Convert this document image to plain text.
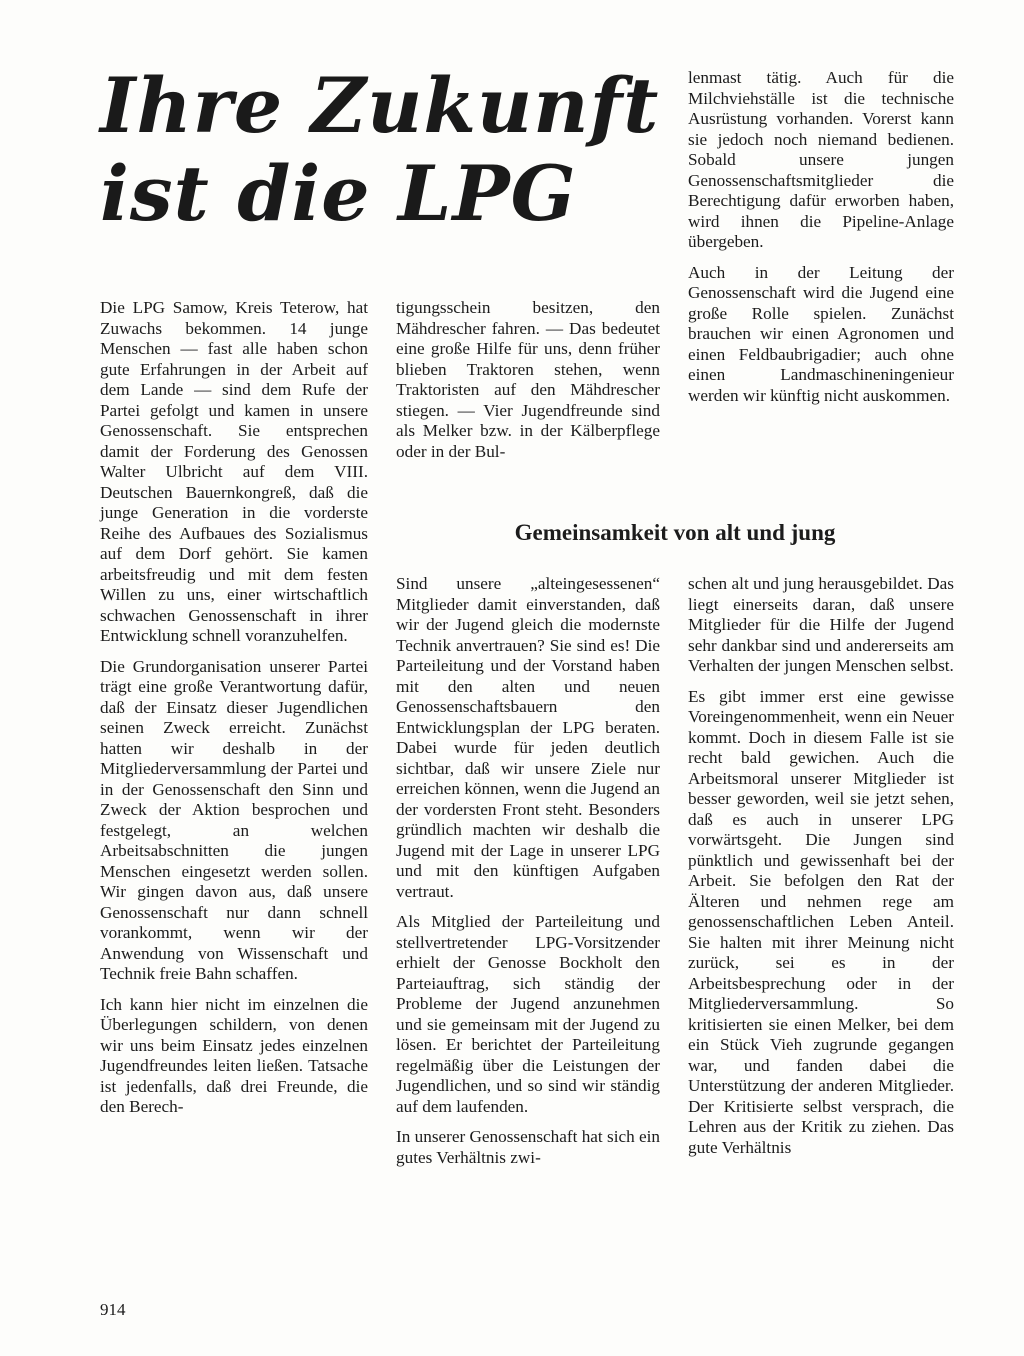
Ihre Zukunft
ist die LPG

Die LPG Samow, Kreis Teterow, hat Zuwachs bekommen. 14 junge Menschen — fast alle haben schon gute Erfahrungen in der Arbeit auf dem Lande — sind dem Rufe der Partei gefolgt und kamen in unsere Genossenschaft. Sie entsprechen damit der Forderung des Genossen Walter Ulbricht auf dem VIII. Deutschen Bauernkongreß, daß die junge Generation in die vorderste Reihe des Aufbaues des Sozialismus auf dem Dorf gehört. Sie kamen arbeitsfreudig und mit dem festen Willen zu uns, einer wirtschaftlich schwachen Genossenschaft in ihrer Entwicklung schnell voranzuhelfen.

Die Grundorganisation unserer Partei trägt eine große Verantwortung dafür, daß der Einsatz dieser Jugendlichen seinen Zweck erreicht. Zunächst hatten wir deshalb in der Mitgliederversammlung der Partei und in der Genossenschaft den Sinn und Zweck der Aktion besprochen und festgelegt, an welchen Arbeitsabschnitten die jungen Menschen eingesetzt werden sollen. Wir gingen davon aus, daß unsere Genossenschaft nur dann schnell vorankommt, wenn wir der Anwendung von Wissenschaft und Technik freie Bahn schaffen.

Ich kann hier nicht im einzelnen die Überlegungen schildern, von denen wir uns beim Einsatz jedes einzelnen Jugendfreundes leiten ließen. Tatsache ist jedenfalls, daß drei Freunde, die den Berech-

tigungsschein besitzen, den Mähdrescher fahren. — Das bedeutet eine große Hilfe für uns, denn früher blieben Traktoren stehen, wenn Traktoristen auf den Mähdrescher stiegen. — Vier Jugendfreunde sind als Melker bzw. in der Kälberpflege oder in der Bul-

lenmast tätig. Auch für die Milchviehställe ist die technische Ausrüstung vorhanden. Vorerst kann sie jedoch noch niemand bedienen. Sobald unsere jungen Genossenschaftsmitglieder die Berechtigung dafür erworben haben, wird ihnen die Pipeline-Anlage übergeben.

Auch in der Leitung der Genossenschaft wird die Jugend eine große Rolle spielen. Zunächst brauchen wir einen Agronomen und einen Feldbaubrigadier; auch ohne einen Landmaschineningenieur werden wir künftig nicht auskommen.

Gemeinsamkeit von alt und jung

Sind unsere „alteingesessenen“ Mitglieder damit einverstanden, daß wir der Jugend gleich die modernste Technik anvertrauen? Sie sind es! Die Parteileitung und der Vorstand haben mit den alten und neuen Genossenschaftsbauern den Entwicklungsplan der LPG beraten. Dabei wurde für jeden deutlich sichtbar, daß wir unsere Ziele nur erreichen können, wenn die Jugend an der vordersten Front steht. Besonders gründlich machten wir deshalb die Jugend mit der Lage in unserer LPG und mit den künftigen Aufgaben vertraut.

Als Mitglied der Parteileitung und stellvertretender LPG-Vorsitzender erhielt der Genosse Bockholt den Parteiauftrag, sich ständig der Probleme der Jugend anzunehmen und sie gemeinsam mit der Jugend zu lösen. Er berichtet der Parteileitung regelmäßig über die Leistungen der Jugendlichen, und so sind wir ständig auf dem laufenden.

In unserer Genossenschaft hat sich ein gutes Verhältnis zwi-

schen alt und jung herausgebildet. Das liegt einerseits daran, daß unsere Mitglieder für die Hilfe der Jugend sehr dankbar sind und andererseits am Verhalten der jungen Menschen selbst.

Es gibt immer erst eine gewisse Voreingenommenheit, wenn ein Neuer kommt. Doch in diesem Falle ist sie recht bald gewichen. Auch die Arbeitsmoral unserer Mitglieder ist besser geworden, weil sie jetzt sehen, daß es auch in unserer LPG vorwärtsgeht. Die Jungen sind pünktlich und gewissenhaft bei der Arbeit. Sie befolgen den Rat der Älteren und nehmen rege am genossenschaftlichen Leben Anteil. Sie halten mit ihrer Meinung nicht zurück, sei es in der Arbeitsbesprechung oder in der Mitgliederversammlung. So kritisierten sie einen Melker, bei dem ein Stück Vieh zugrunde gegangen war, und fanden dabei die Unterstützung der anderen Mitglieder. Der Kritisierte selbst versprach, die Lehren aus der Kritik zu ziehen. Das gute Verhältnis

914
